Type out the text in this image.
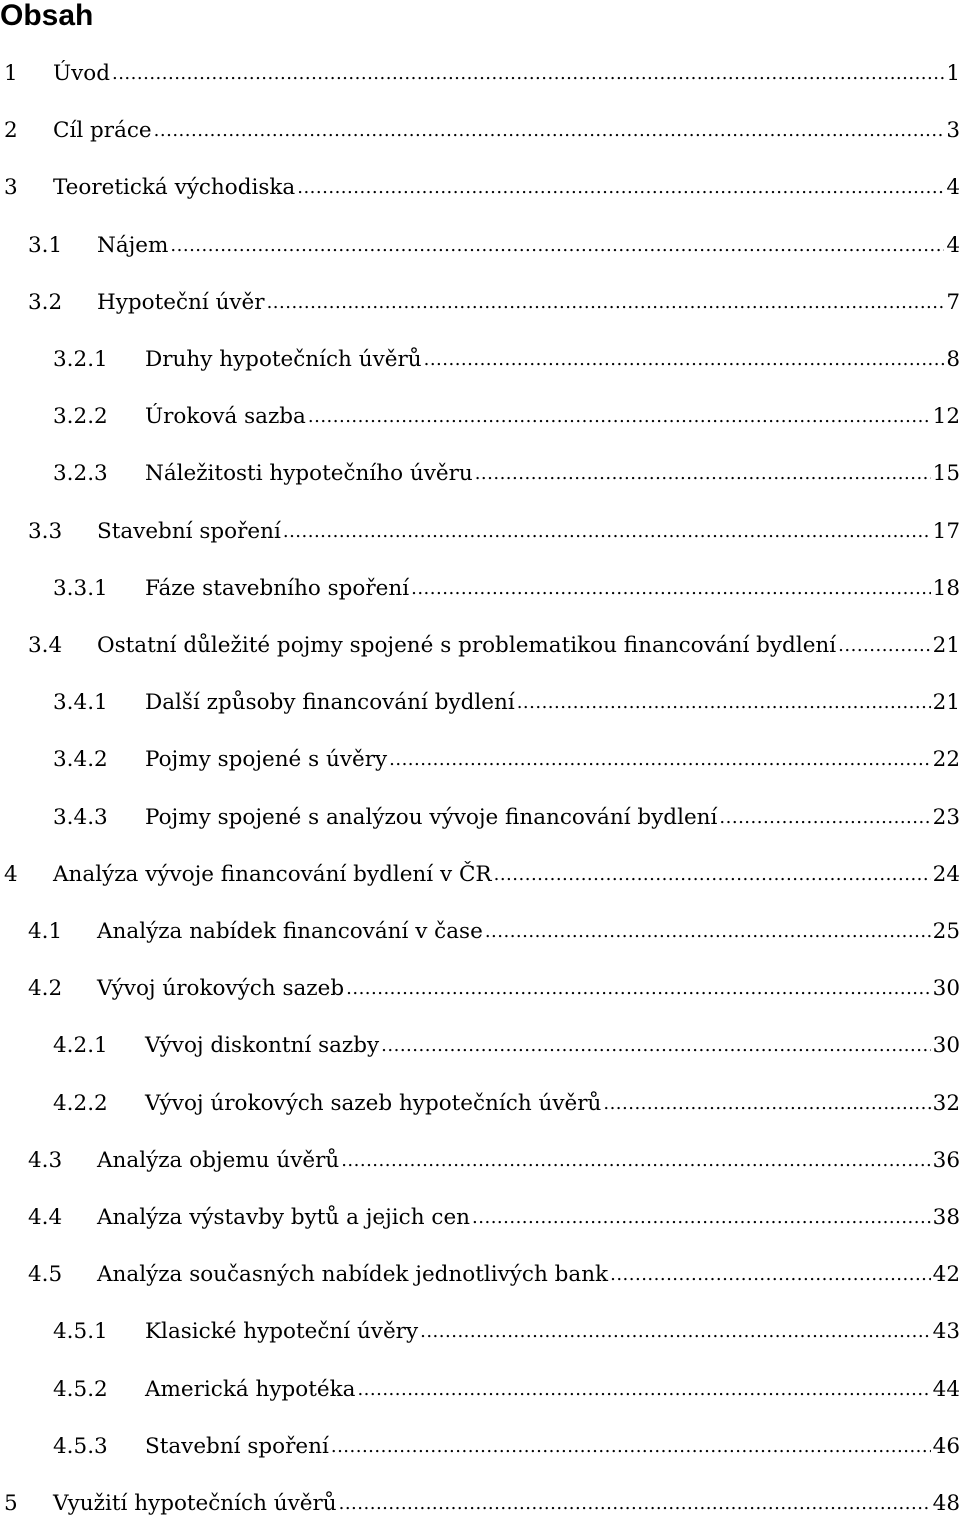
Obsah
1	Úvod .....	1
2	Cíl práce .....	3
3	Teoretická východiska .....	4
3.1	Nájem .....	4
3.2	Hypoteční úvěr .....	7
3.2.1	Druhy hypotečních úvěrů .....	8
3.2.2	Úroková sazba .....	12
3.2.3	Náležitosti hypotečního úvěru .....	15
3.3	Stavební spoření .....	17
3.3.1	Fáze stavebního spoření .....	18
3.4	Ostatní důležité pojmy spojené s problematikou financování bydlení .....	21
3.4.1	Další způsoby financování bydlení .....	21
3.4.2	Pojmy spojené s úvěry .....	22
3.4.3	Pojmy spojené s analýzou vývoje financování bydlení .....	23
4	Analýza vývoje financování bydlení v ČR .....	24
4.1	Analýza nabídek financování v čase .....	25
4.2	Vývoj úrokových sazeb .....	30
4.2.1	Vývoj diskontní sazby .....	30
4.2.2	Vývoj úrokových sazeb hypotečních úvěrů .....	32
4.3	Analýza objemu úvěrů .....	36
4.4	Analýza výstavby bytů a jejich cen .....	38
4.5	Analýza současných nabídek jednotlivých bank .....	42
4.5.1	Klasické hypoteční úvěry .....	43
4.5.2	Americká hypotéka .....	44
4.5.3	Stavební spoření .....	46
5	Využití hypotečních úvěrů .....	48
